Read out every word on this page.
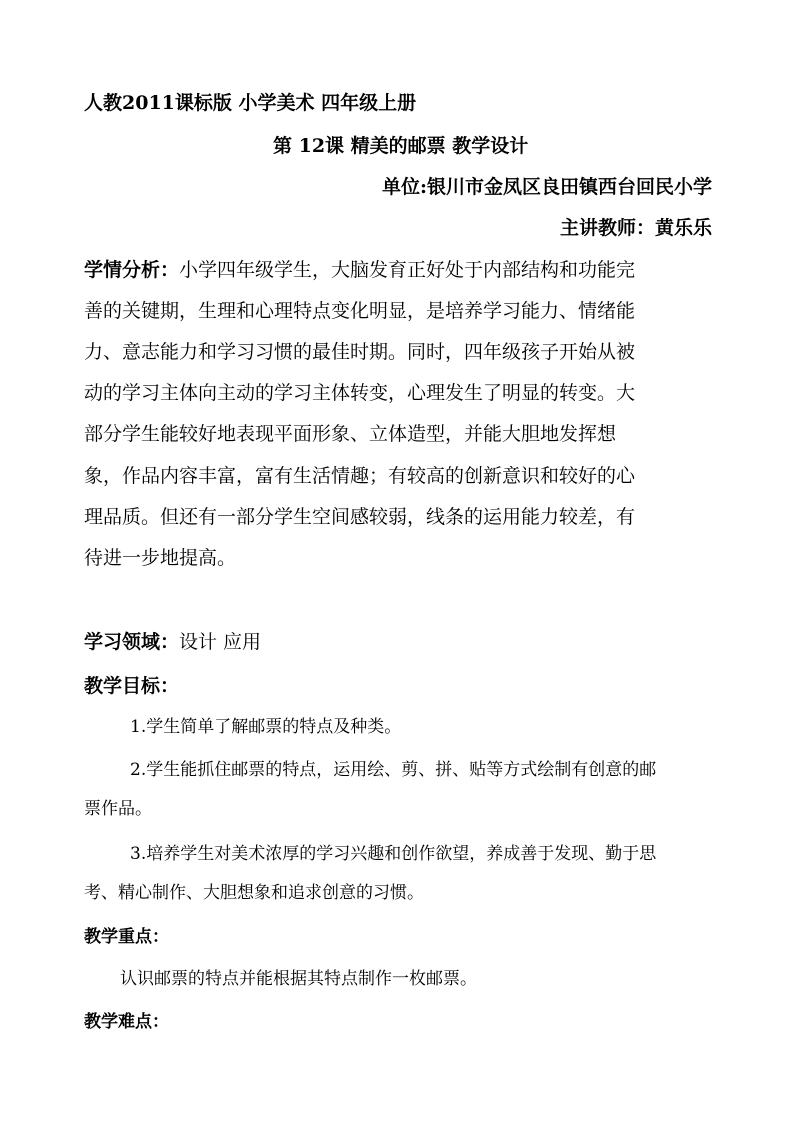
人教2011课标版 小学美术 四年级上册
第 12课 精美的邮票 教学设计
单位:银川市金凤区良田镇西台回民小学
主讲教师：黄乐乐
学情分析：小学四年级学生，大脑发育正好处于内部结构和功能完
善的关键期，生理和心理特点变化明显，是培养学习能力、情绪能
力、意志能力和学习习惯的最佳时期。同时，四年级孩子开始从被
动的学习主体向主动的学习主体转变，心理发生了明显的转变。大
部分学生能较好地表现平面形象、立体造型，并能大胆地发挥想
象，作品内容丰富，富有生活情趣；有较高的创新意识和较好的心
理品质。但还有一部分学生空间感较弱，线条的运用能力较差，有
待进一步地提高。
学习领域：设计 应用
教学目标：
1.学生简单了解邮票的特点及种类。
2.学生能抓住邮票的特点，运用绘、剪、拼、贴等方式绘制有创意的邮
票作品。
3.培养学生对美术浓厚的学习兴趣和创作欲望，养成善于发现、勤于思
考、精心制作、大胆想象和追求创意的习惯。
教学重点：
认识邮票的特点并能根据其特点制作一枚邮票。
教学难点：
